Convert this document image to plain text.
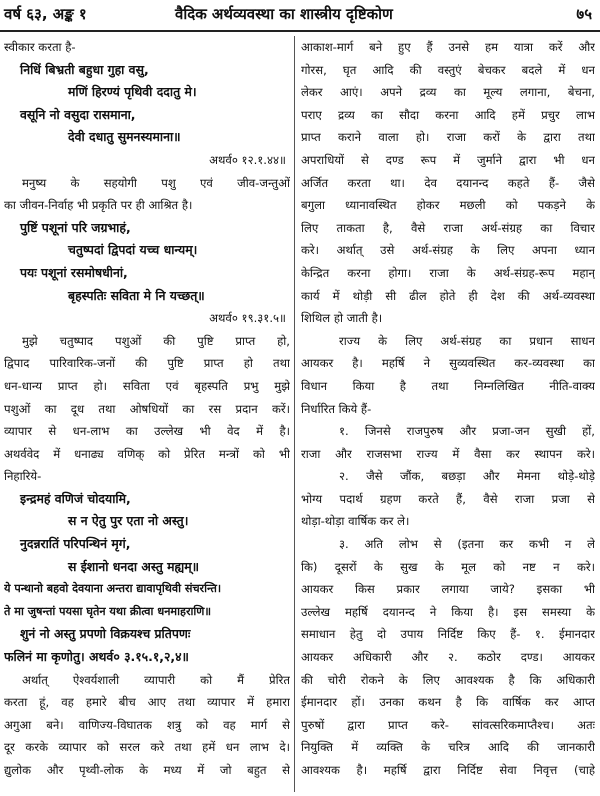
वर्ष ६३, अङ्क १	वैदिक अर्थव्यवस्था का शास्त्रीय दृष्टिकोण	७५
स्वीकार करता है-
निधिं बिभ्रती बहुधा गुहा वसु,
मणिं हिरण्यं पृथिवी ददातु मे।
वसूनि नो वसुदा रासमाना,
देवी दधातु सुमनस्यमाना॥
अथर्व० १२.१.४४॥
मनुष्य के सहयोगी पशु एवं जीव-जन्तुओं
का जीवन-निर्वाह भी प्रकृति पर ही आश्रित है।
पुष्टिं पशूनां परि जग्रभाहं,
चतुष्पदां द्विपदां यच्च धान्यम्।
पयः पशूनां रसमोषधीनां,
बृहस्पतिः सविता मे नि यच्छत्॥
अथर्व० १९.३१.५॥
मुझे चतुष्पाद पशुओं की पुष्टि प्राप्त हो,
द्विपाद पारिवारिक-जनों की पुष्टि प्राप्त हो तथा
धन-धान्य प्राप्त हो। सविता एवं बृहस्पति प्रभु मुझे
पशुओं का दूध तथा ओषधियों का रस प्रदान करें।
व्यापार से धन-लाभ का उल्लेख भी वेद में है।
अथर्ववेद में धनाढ्य वणिक् को प्रेरित मन्त्रों को भी
निहारिये-
इन्द्रमहं वणिजं चोदयामि,
स न ऐतु पुर एता नो अस्तु।
नुदन्नरातिं परिपन्थिनं मृगं,
स ईशानो धनदा अस्तु मह्यम्॥
ये पन्थानो बहवो देवयाना अन्तरा द्यावापृथिवी संचरन्ति।
ते मा जुषन्तां पयसा घृतेन यथा क्रीत्वा धनमाहराणि॥
शुनं नो अस्तु प्रपणो विक्रयश्च प्रतिपणः
फलिनं मा कृणोतु। अथर्व० ३.१५.१,२,४॥
अर्थात् ऐश्वर्यशाली व्यापारी को मैं प्रेरित
करता हूं, वह हमारे बीच आए तथा व्यापार में हमारा
अगुआ बने। वाणिज्य-विघातक शत्रु को वह मार्ग से
दूर करके व्यापार को सरल करे तथा हमें धन लाभ दे।
द्युलोक और पृथ्वी-लोक के मध्य में जो बहुत से
आकाश-मार्ग बने हुए हैं उनसे हम यात्रा करें और
गोरस, घृत आदि की वस्तुएं बेचकर बदले में धन
लेकर आएं। अपने द्रव्य का मूल्य लगाना, बेचना,
पराए द्रव्य का सौदा करना आदि हमें प्रचुर लाभ
प्राप्त कराने वाला हो। राजा करों के द्वारा तथा
अपराधियों से दण्ड रूप में जुर्माने द्वारा भी धन
अर्जित करता था। देव दयानन्द कहते हैं- जैसे
बगुला ध्यानावस्थित होकर मछली को पकड़ने के
लिए ताकता है, वैसे राजा अर्थ-संग्रह का विचार
करे। अर्थात् उसे अर्थ-संग्रह के लिए अपना ध्यान
केन्द्रित करना होगा। राजा के अर्थ-संग्रह-रूप महान्
कार्य में थोड़ी सी ढील होते ही देश की अर्थ-व्यवस्था
शिथिल हो जाती है।
राज्य के लिए अर्थ-संग्रह का प्रधान साधन
आयकर है। महर्षि ने सुव्यवस्थित कर-व्यवस्था का
विधान किया है तथा निम्नलिखित नीति-वाक्य
निर्धारित किये हैं-
१. जिनसे राजपुरुष और प्रजा-जन सुखी हों,
राजा और राजसभा राज्य में वैसा कर स्थापन करे।
२. जैसे जौंक, बछड़ा और मेमना थोड़े-थोड़े
भोग्य पदार्थ ग्रहण करते हैं, वैसे राजा प्रजा से
थोड़ा-थोड़ा वार्षिक कर ले।
३. अति लोभ से (इतना कर कभी न ले
कि) दूसरों के सुख के मूल को नष्ट न करे।
आयकर किस प्रकार लगाया जाये? इसका भी
उल्लेख महर्षि दयानन्द ने किया है। इस समस्या के
समाधान हेतु दो उपाय निर्दिष्ट किए हैं- १. ईमानदार
आयकर अधिकारी और २. कठोर दण्ड। आयकर
की चोरी रोकने के लिए आवश्यक है कि अधिकारी
ईमानदार हों। उनका कथन है कि वार्षिक कर आप्त
पुरुषों द्वारा प्राप्त करे- सांवत्सरिकमाप्तैश्च। अतः
नियुक्ति में व्यक्ति के चरित्र आदि की जानकारी
आवश्यक है। महर्षि द्वारा निर्दिष्ट सेवा निवृत्त (चाहे
